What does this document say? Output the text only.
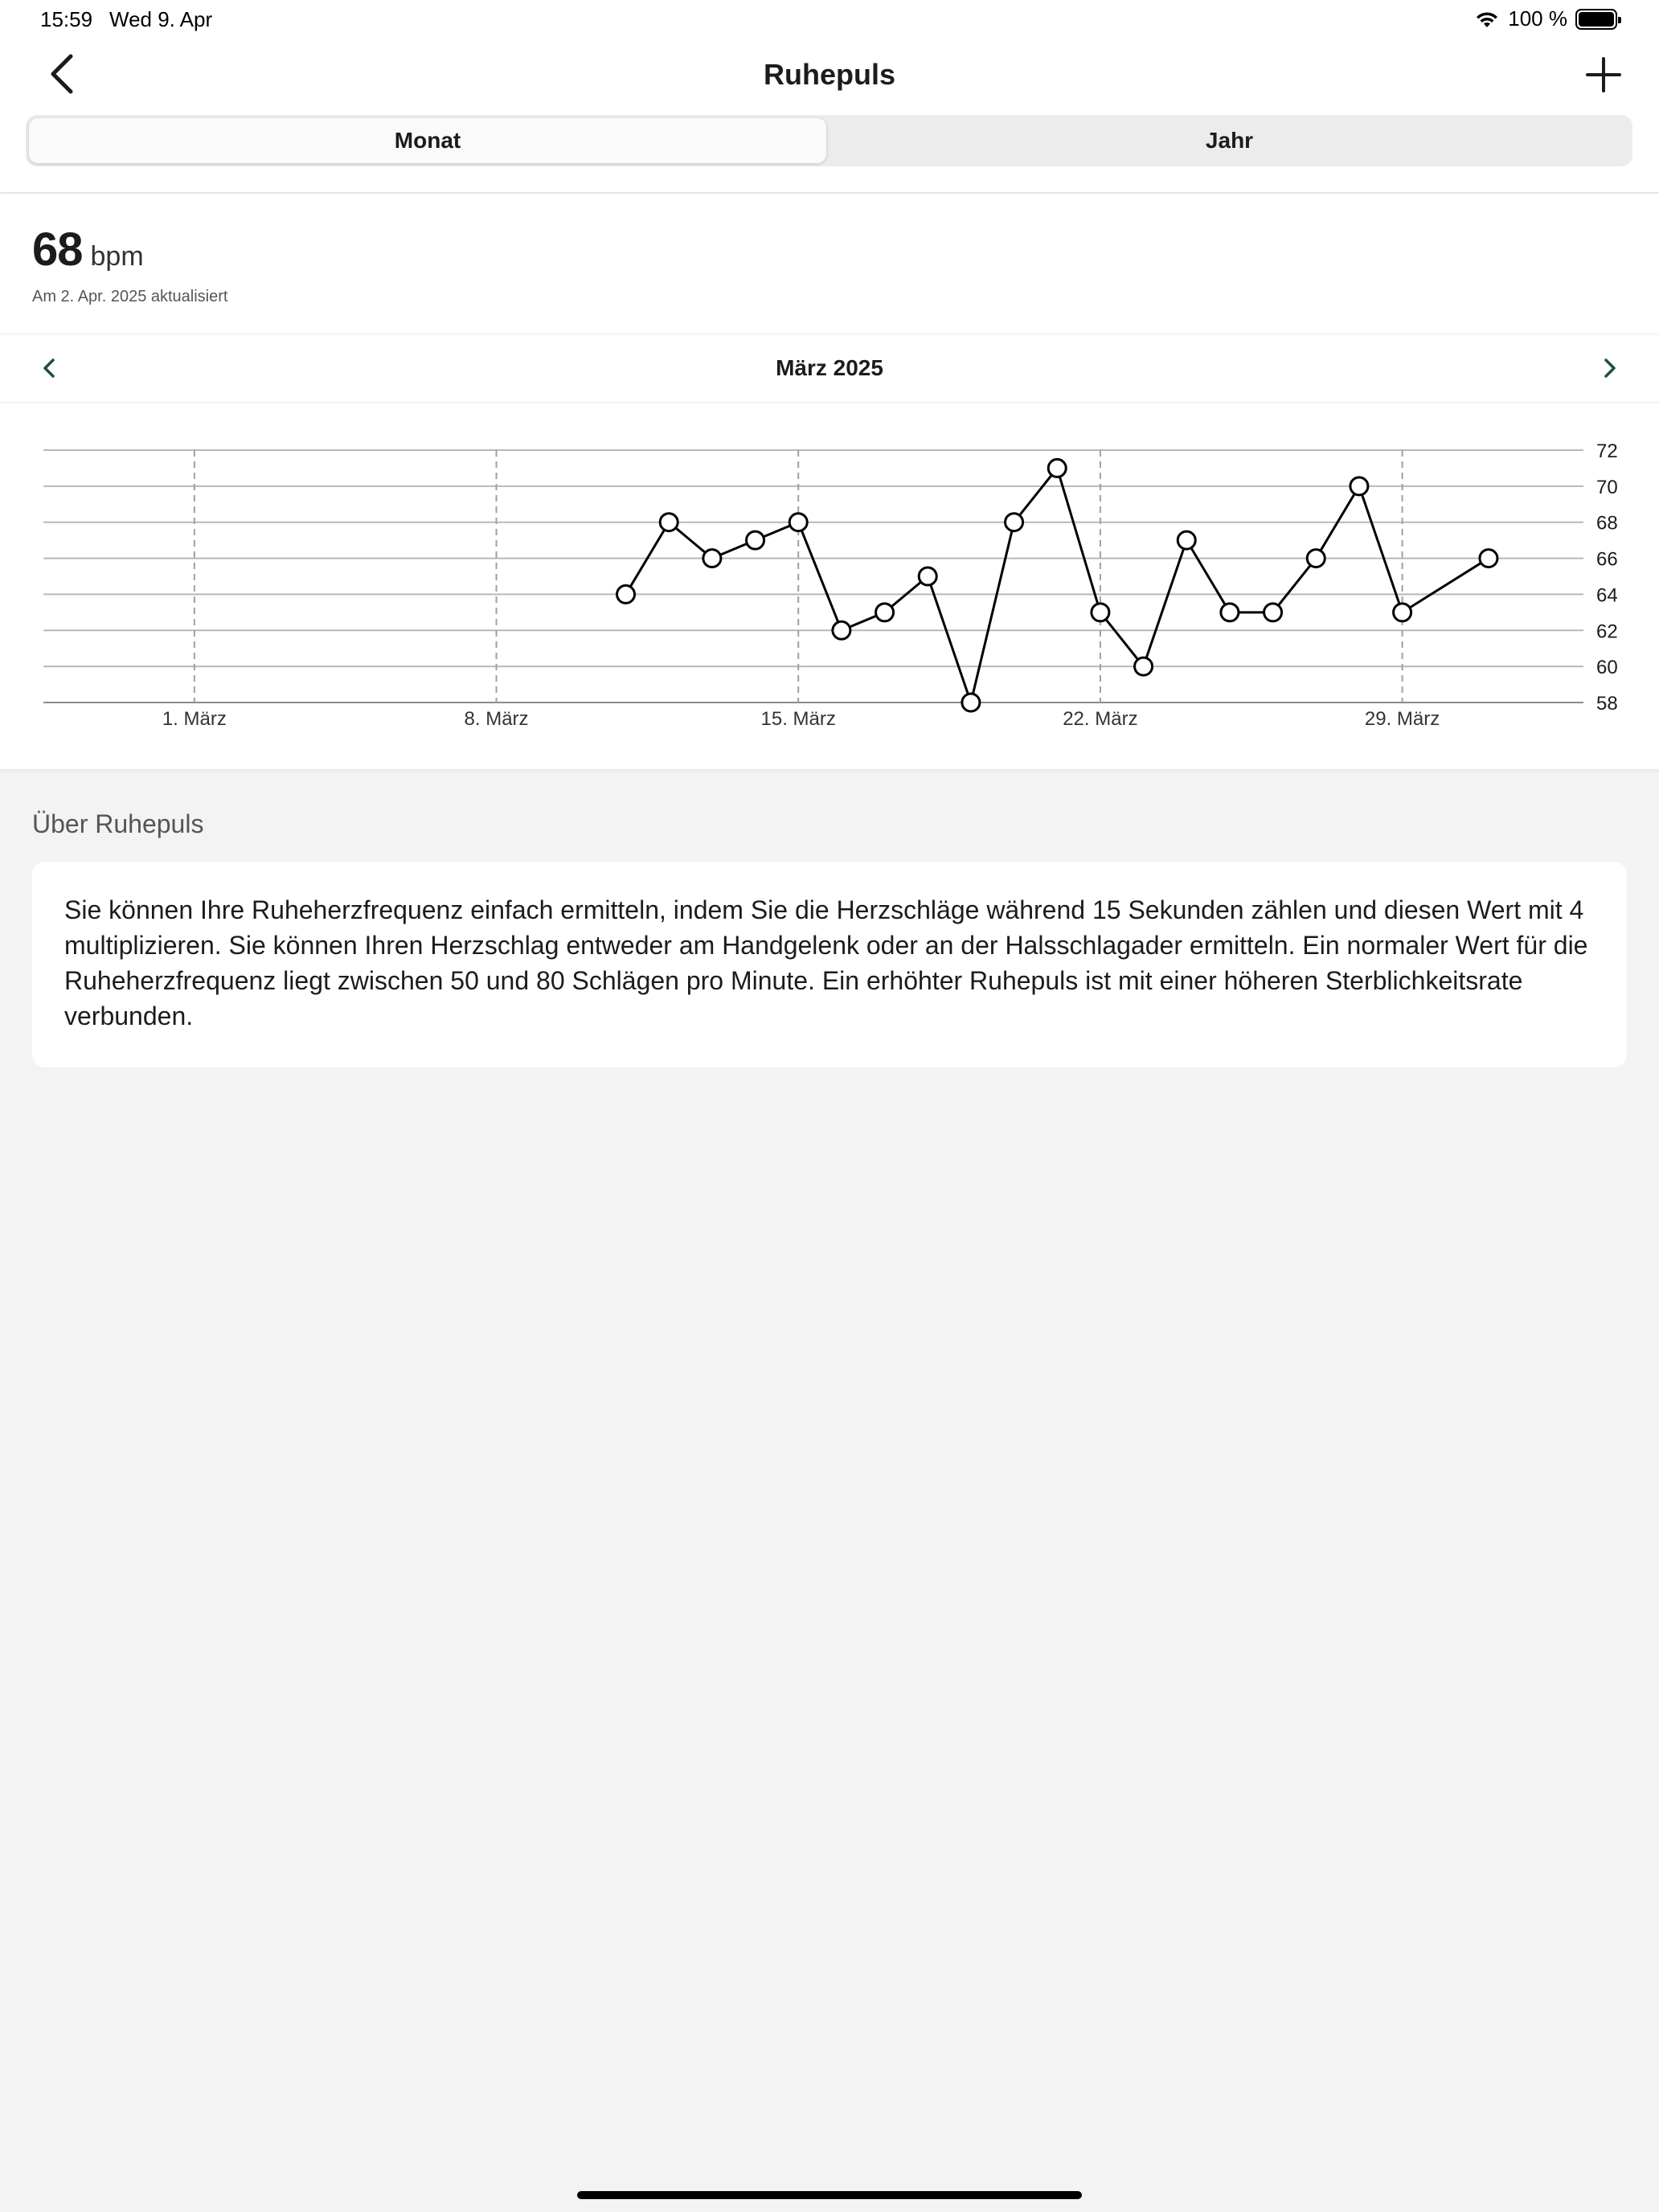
15:59 Wed 9. Apr	100 %
Ruhepuls
Monat	Jahr
68 bpm
Am 2. Apr. 2025 aktualisiert
März 2025
58
60
62
64
66
68
70
72
1. März	8. März	15. März	22. März	29. März
Über Ruhepuls

Sie können Ihre Ruheherzfrequenz einfach ermitteln, indem Sie die Herzschläge während 15 Sekunden zählen und diesen Wert mit 4 multiplizieren. Sie können Ihren Herzschlag entweder am Handgelenk oder an der Halsschlagader ermitteln. Ein normaler Wert für die Ruheherzfrequenz liegt zwischen 50 und 80 Schlägen pro Minute. Ein erhöhter Ruhepuls ist mit einer höheren Sterblichkeitsrate verbunden.
